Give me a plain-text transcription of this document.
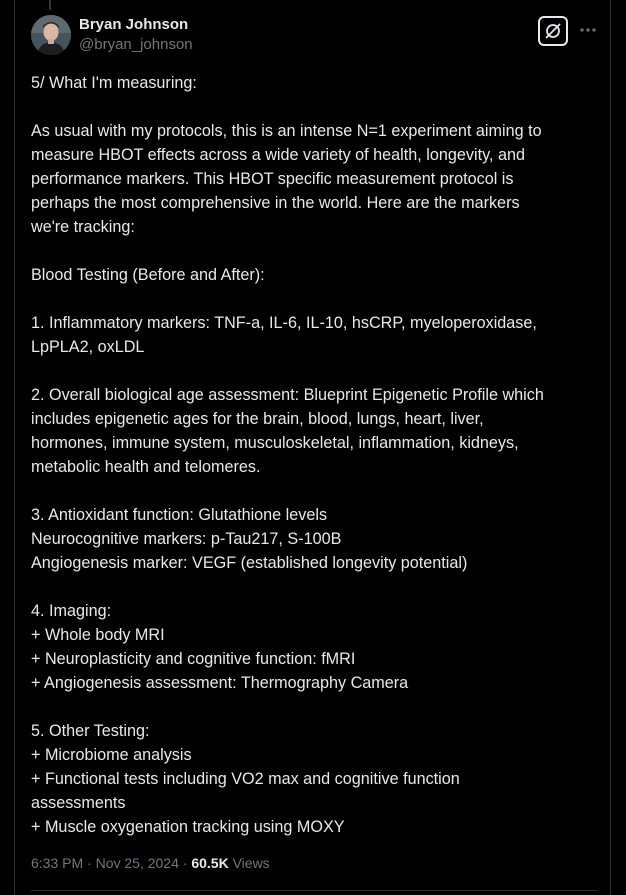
Bryan Johnson
@bryan_johnson
5/ What I'm measuring:
As usual with my protocols, this is an intense N=1 experiment aiming to
measure HBOT effects across a wide variety of health, longevity, and
performance markers. This HBOT specific measurement protocol is
perhaps the most comprehensive in the world. Here are the markers
we're tracking:
Blood Testing (Before and After):
1. Inflammatory markers: TNF-a, IL-6, IL-10, hsCRP, myeloperoxidase,
LpPLA2, oxLDL
2. Overall biological age assessment: Blueprint Epigenetic Profile which
includes epigenetic ages for the brain, blood, lungs, heart, liver,
hormones, immune system, musculoskeletal, inflammation, kidneys,
metabolic health and telomeres.
3. Antioxidant function: Glutathione levels
Neurocognitive markers: p-Tau217, S-100B
Angiogenesis marker: VEGF (established longevity potential)
4. Imaging:
+ Whole body MRI
+ Neuroplasticity and cognitive function: fMRI
+ Angiogenesis assessment: Thermography Camera
5. Other Testing:
+ Microbiome analysis
+ Functional tests including VO2 max and cognitive function
assessments
+ Muscle oxygenation tracking using MOXY
6:33 PM · Nov 25, 2024 · 60.5K Views
